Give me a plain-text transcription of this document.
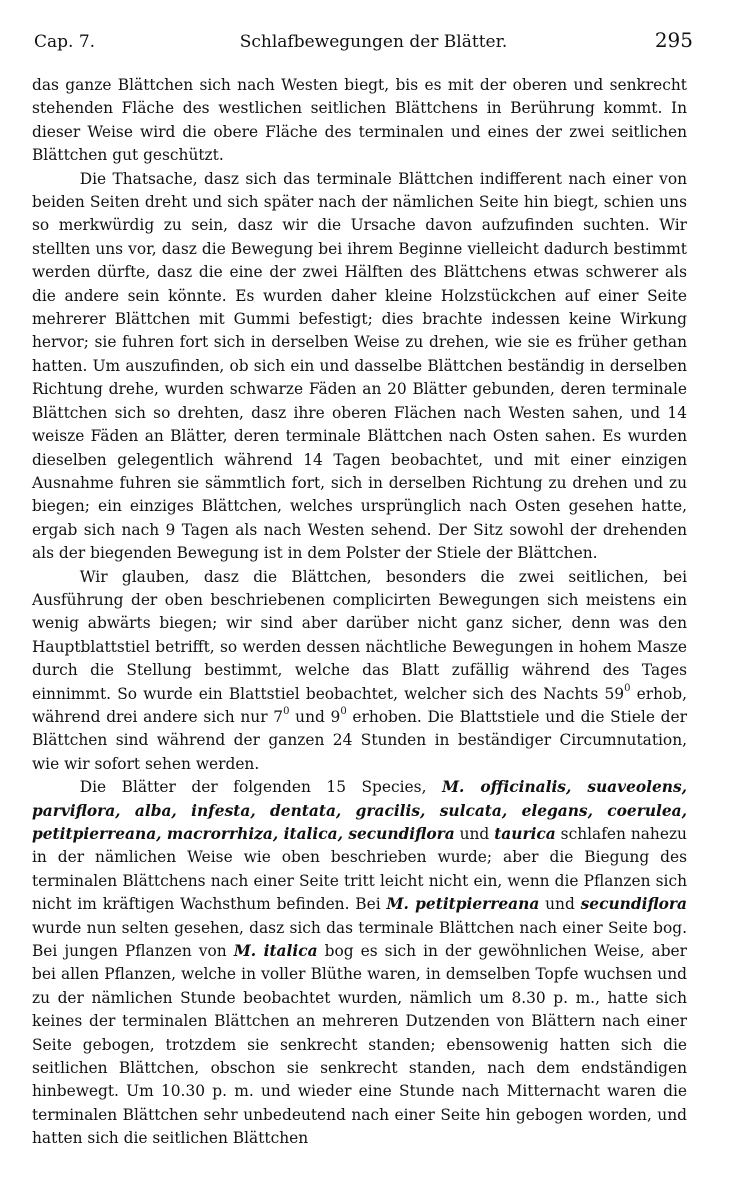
Cap. 7.	Schlafbewegungen der Blätter.	295

das ganze Blättchen sich nach Westen biegt, bis es mit der oberen und senkrecht stehenden Fläche des westlichen seitlichen Blättchens in Berührung kommt. In dieser Weise wird die obere Fläche des terminalen und eines der zwei seitlichen Blättchen gut geschützt.

Die Thatsache, dasz sich das terminale Blättchen indifferent nach einer von beiden Seiten dreht und sich später nach der nämlichen Seite hin biegt, schien uns so merkwürdig zu sein, dasz wir die Ursache davon aufzufinden suchten. Wir stellten uns vor, dasz die Bewegung bei ihrem Beginne vielleicht dadurch bestimmt werden dürfte, dasz die eine der zwei Hälften des Blättchens etwas schwerer als die andere sein könnte. Es wurden daher kleine Holzstückchen auf einer Seite mehrerer Blättchen mit Gummi befestigt; dies brachte indessen keine Wirkung hervor; sie fuhren fort sich in derselben Weise zu drehen, wie sie es früher gethan hatten. Um auszufinden, ob sich ein und dasselbe Blättchen beständig in derselben Richtung drehe, wurden schwarze Fäden an 20 Blätter gebunden, deren terminale Blättchen sich so drehten, dasz ihre oberen Flächen nach Westen sahen, und 14 weisze Fäden an Blätter, deren terminale Blättchen nach Osten sahen. Es wurden dieselben gelegentlich während 14 Tagen beobachtet, und mit einer einzigen Ausnahme fuhren sie sämmtlich fort, sich in derselben Richtung zu drehen und zu biegen; ein einziges Blättchen, welches ursprünglich nach Osten gesehen hatte, ergab sich nach 9 Tagen als nach Westen sehend. Der Sitz sowohl der drehenden als der biegenden Bewegung ist in dem Polster der Stiele der Blättchen.

Wir glauben, dasz die Blättchen, besonders die zwei seitlichen, bei Ausführung der oben beschriebenen complicirten Bewegungen sich meistens ein wenig abwärts biegen; wir sind aber darüber nicht ganz sicher, denn was den Hauptblattstiel betrifft, so werden dessen nächtliche Bewegungen in hohem Masze durch die Stellung bestimmt, welche das Blatt zufällig während des Tages einnimmt. So wurde ein Blattstiel beobachtet, welcher sich des Nachts $59^0$ erhob, während drei andere sich nur $7^0$ und $9^0$ erhoben. Die Blattstiele und die Stiele der Blättchen sind während der ganzen 24 Stunden in beständiger Circumnutation, wie wir sofort sehen werden.

Die Blätter der folgenden 15 Species, M. officinalis, suaveolens, parviflora, alba, infesta, dentata, gracilis, sulcata, elegans, coerulea, petitpierreana, macrorrhiza, italica, secundiflora und taurica schlafen nahezu in der nämlichen Weise wie oben beschrieben wurde; aber die Biegung des terminalen Blättchens nach einer Seite tritt leicht nicht ein, wenn die Pflanzen sich nicht im kräftigen Wachsthum befinden. Bei M. petitpierreana und secundiflora wurde nun selten gesehen, dasz sich das terminale Blättchen nach einer Seite bog. Bei jungen Pflanzen von M. italica bog es sich in der gewöhnlichen Weise, aber bei allen Pflanzen, welche in voller Blüthe waren, in demselben Topfe wuchsen und zu der nämlichen Stunde beobachtet wurden, nämlich um 8.30 p. m., hatte sich keines der terminalen Blättchen an mehreren Dutzenden von Blättern nach einer Seite gebogen, trotzdem sie senkrecht standen; ebensowenig hatten sich die seitlichen Blättchen, obschon sie senkrecht standen, nach dem endständigen hinbewegt. Um 10.30 p. m. und wieder eine Stunde nach Mitternacht waren die terminalen Blättchen sehr unbedeutend nach einer Seite hin gebogen worden, und hatten sich die seitlichen Blättchen
